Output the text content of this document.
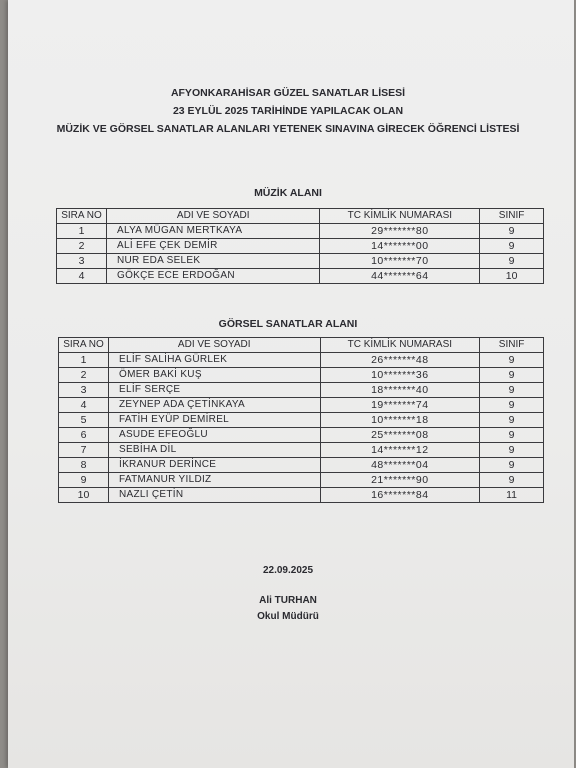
AFYONKARAHİSAR GÜZEL SANATLAR LİSESİ
23 EYLÜL 2025 TARİHİNDE YAPILACAK OLAN
MÜZİK VE GÖRSEL SANATLAR ALANLARI YETENEK SINAVINA GİRECEK ÖĞRENCİ LİSTESİ
MÜZİK ALANI
SIRA NO	ADI VE SOYADI	TC KİMLİK NUMARASI	SINIF
1	ALYA MÜGAN MERTKAYA	29*******80	9
2	ALİ EFE ÇEK DEMİR	14*******00	9
3	NUR EDA SELEK	10*******70	9
4	GÖKÇE ECE ERDOĞAN	44*******64	10
GÖRSEL SANATLAR ALANI
SIRA NO	ADI VE SOYADI	TC KİMLİK NUMARASI	SINIF
1	ELİF SALİHA GÜRLEK	26*******48	9
2	ÖMER BAKİ KUŞ	10*******36	9
3	ELİF SERÇE	18*******40	9
4	ZEYNEP ADA ÇETİNKAYA	19*******74	9
5	FATİH EYÜP DEMİREL	10*******18	9
6	ASUDE EFEOĞLU	25*******08	9
7	SEBİHA DİL	14*******12	9
8	İKRANUR DERİNCE	48*******04	9
9	FATMANUR YILDIZ	21*******90	9
10	NAZLI ÇETİN	16*******84	11
22.09.2025
Ali TURHAN
Okul Müdürü
